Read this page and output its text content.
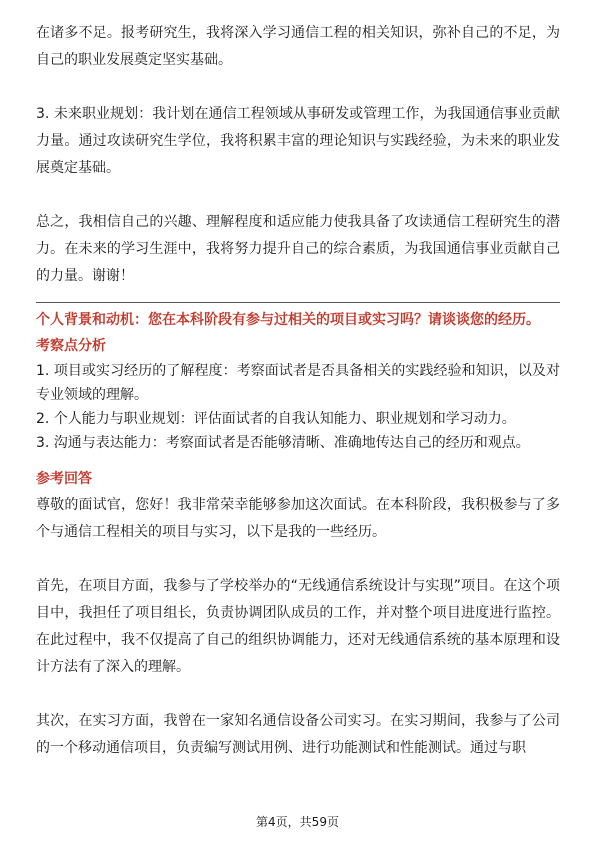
在诸多不足。报考研究生，我将深入学习通信工程的相关知识，弥补自己的不足，为自己的职业发展奠定坚实基础。

3. 未来职业规划：我计划在通信工程领域从事研发或管理工作，为我国通信事业贡献力量。通过攻读研究生学位，我将积累丰富的理论知识与实践经验，为未来的职业发展奠定基础。

总之，我相信自己的兴趣、理解程度和适应能力使我具备了攻读通信工程研究生的潜力。在未来的学习生涯中，我将努力提升自己的综合素质，为我国通信事业贡献自己的力量。谢谢！

个人背景和动机：您在本科阶段有参与过相关的项目或实习吗？请谈谈您的经历。

考察点分析

1. 项目或实习经历的了解程度：考察面试者是否具备相关的实践经验和知识，以及对专业领域的理解。

2. 个人能力与职业规划：评估面试者的自我认知能力、职业规划和学习动力。

3. 沟通与表达能力：考察面试者是否能够清晰、准确地传达自己的经历和观点。

参考回答

尊敬的面试官，您好！我非常荣幸能够参加这次面试。在本科阶段，我积极参与了多个与通信工程相关的项目与实习，以下是我的一些经历。

首先，在项目方面，我参与了学校举办的“无线通信系统设计与实现”项目。在这个项目中，我担任了项目组长，负责协调团队成员的工作，并对整个项目进度进行监控。在此过程中，我不仅提高了自己的组织协调能力，还对无线通信系统的基本原理和设计方法有了深入的理解。

其次，在实习方面，我曾在一家知名通信设备公司实习。在实习期间，我参与了公司的一个移动通信项目，负责编写测试用例、进行功能测试和性能测试。通过与职

第4页，共59页
